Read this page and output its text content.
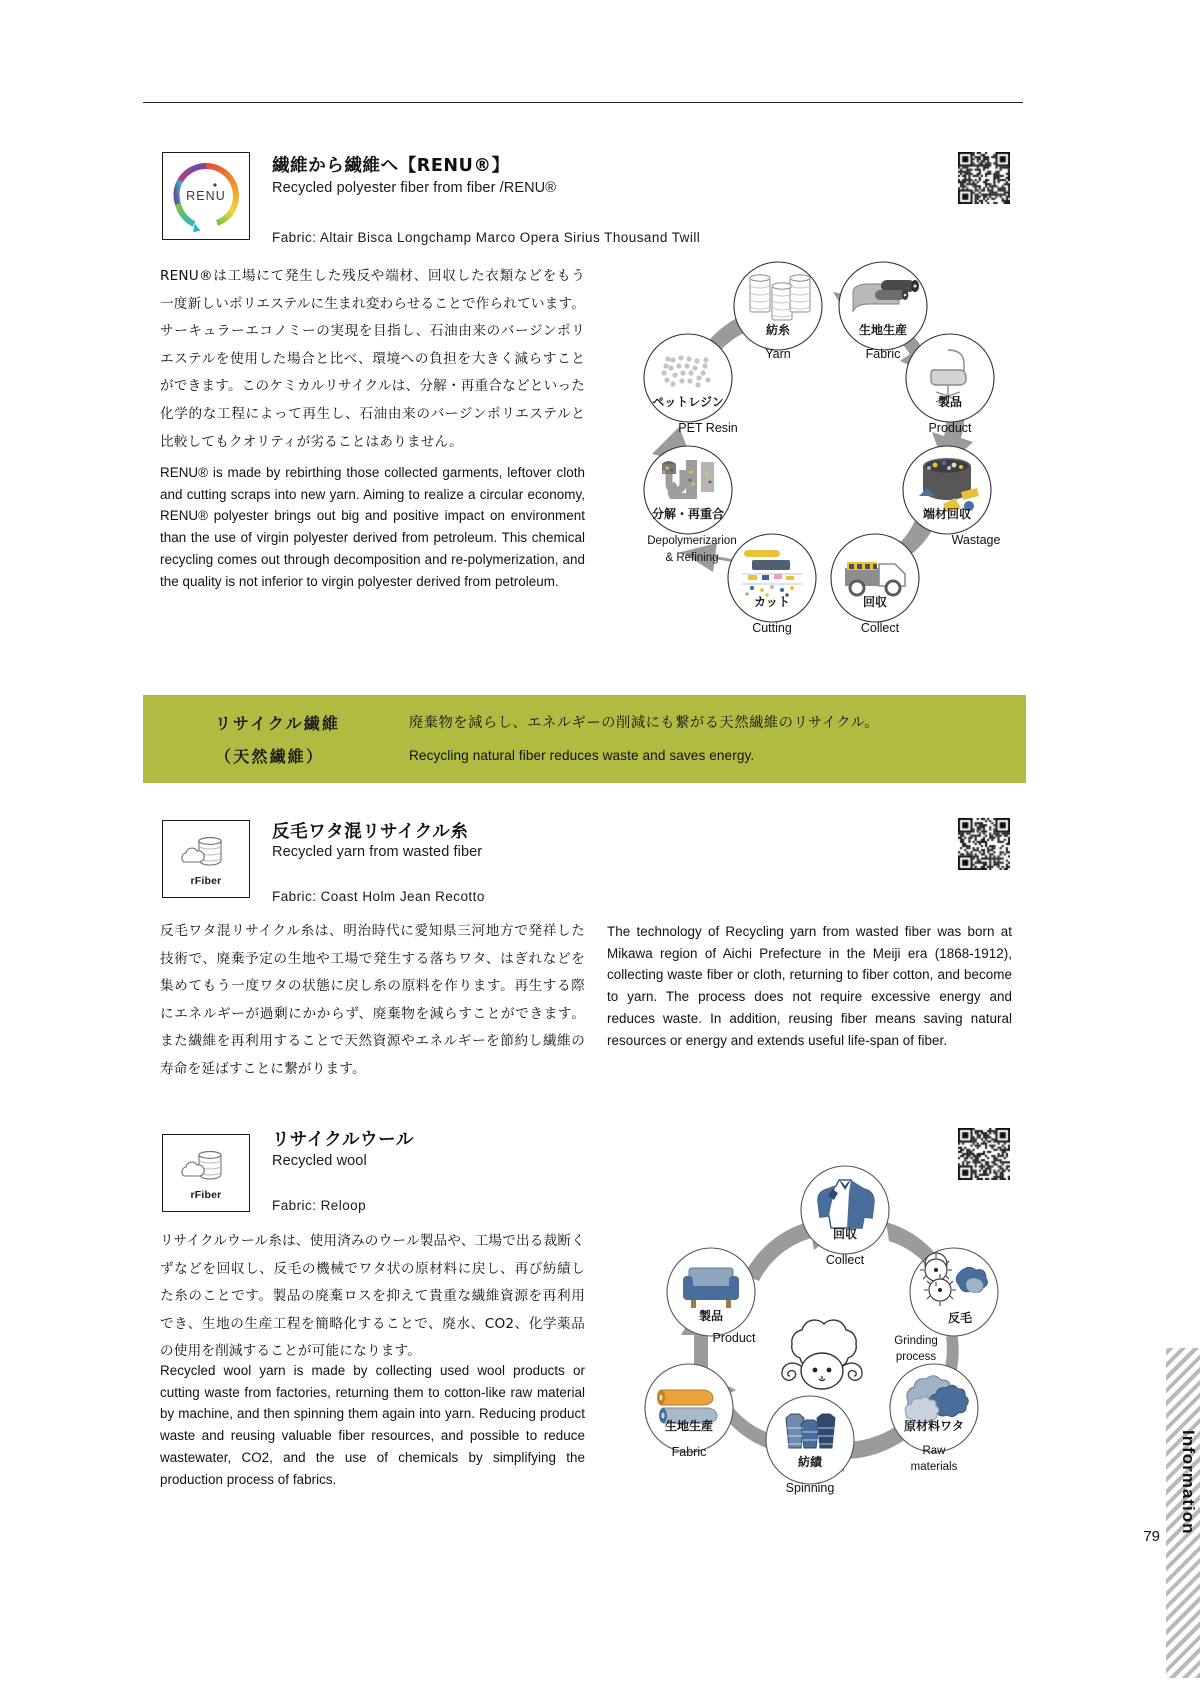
RENU
繊維から繊維へ【RENU®】
Recycled polyester fiber from fiber /RENU®
Fabric: Altair Bisca Longchamp Marco Opera Sirius Thousand Twill
RENU®は工場にて発生した残反や端材、回収した衣類などをもう一度新しいポリエステルに生まれ変わらせることで作られています。サーキュラーエコノミーの実現を目指し、石油由来のバージンポリエステルを使用した場合と比べ、環境への負担を大きく減らすことができます。このケミカルリサイクルは、分解・再重合などといった化学的な工程によって再生し、石油由来のバージンポリエステルと比較してもクオリティが劣ることはありません。
RENU® is made by rebirthing those collected garments, leftover cloth and cutting scraps into new yarn. Aiming to realize a circular economy, RENU® polyester brings out big and positive impact on environment than the use of virgin polyester derived from petroleum. This chemical recycling comes out through decomposition and re-polymerization, and the quality is not inferior to virgin polyester derived from petroleum.
紡糸
Yarn
生地生産
Fabric
製品
Product
端材回収
Wastage
回収
Collect
カット
Cutting
分解・再重合
Depolymerizarion
& Refining
ペットレジン
PET Resin
リサイクル繊維
（天然繊維）
廃棄物を減らし、エネルギーの削減にも繋がる天然繊維のリサイクル。
Recycling natural fiber reduces waste and saves energy.
rFiber
反毛ワタ混リサイクル糸
Recycled yarn from wasted fiber
Fabric: Coast Holm Jean Recotto
反毛ワタ混リサイクル糸は、明治時代に愛知県三河地方で発祥した技術で、廃棄予定の生地や工場で発生する落ちワタ、はぎれなどを集めてもう一度ワタの状態に戻し糸の原料を作ります。再生する際にエネルギーが過剰にかからず、廃棄物を減らすことができます。また繊維を再利用することで天然資源やエネルギーを節約し繊維の寿命を延ばすことに繋がります。
The technology of Recycling yarn from wasted fiber was born at Mikawa region of Aichi Prefecture in the Meiji era (1868-1912), collecting waste fiber or cloth, returning to fiber cotton, and become to yarn. The process does not require excessive energy and reduces waste. In addition, reusing fiber means saving natural resources or energy and extends useful life-span of fiber.
rFiber
リサイクルウール
Recycled wool
Fabric: Reloop
リサイクルウール糸は、使用済みのウール製品や、工場で出る裁断くずなどを回収し、反毛の機械でワタ状の原材料に戻し、再び紡績した糸のことです。製品の廃棄ロスを抑えて貴重な繊維資源を再利用でき、生地の生産工程を簡略化することで、廃水、CO2、化学薬品の使用を削減することが可能になります。
Recycled wool yarn is made by collecting used wool products or cutting waste from factories, returning them to cotton-like raw material by machine, and then spinning them again into yarn. Reducing product waste and reusing valuable fiber resources, and possible to reduce wastewater, CO2, and the use of chemicals by simplifying the production process of fabrics.
回収
Collect
反毛
Grinding
process
原材料ワタ
Raw
materials
紡績
Spinning
生地生産
Fabric
製品
Product
Information
79
